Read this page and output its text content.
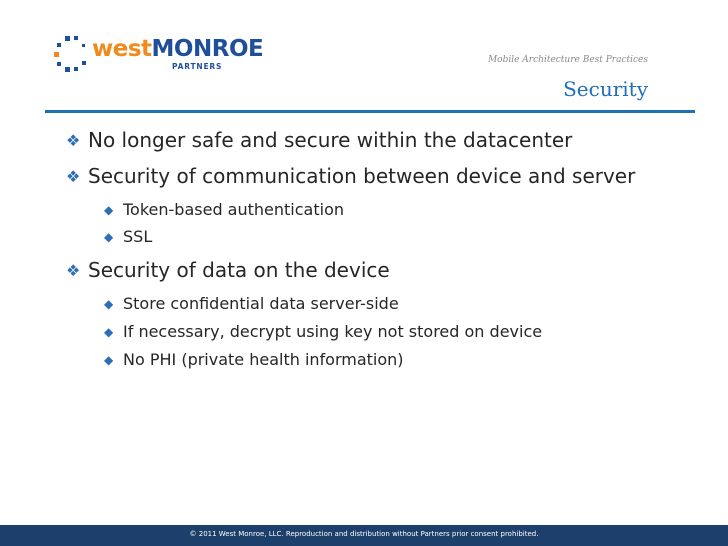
westMONROE
PARTNERS
Mobile Architecture Best Practices
Security
❖ No longer safe and secure within the datacenter
❖ Security of communication between device and server
◆ Token-based authentication
◆ SSL
❖ Security of data on the device
◆ Store confidential data server-side
◆ If necessary, decrypt using key not stored on device
◆ No PHI (private health information)
© 2011 West Monroe, LLC. Reproduction and distribution without Partners prior consent prohibited.
